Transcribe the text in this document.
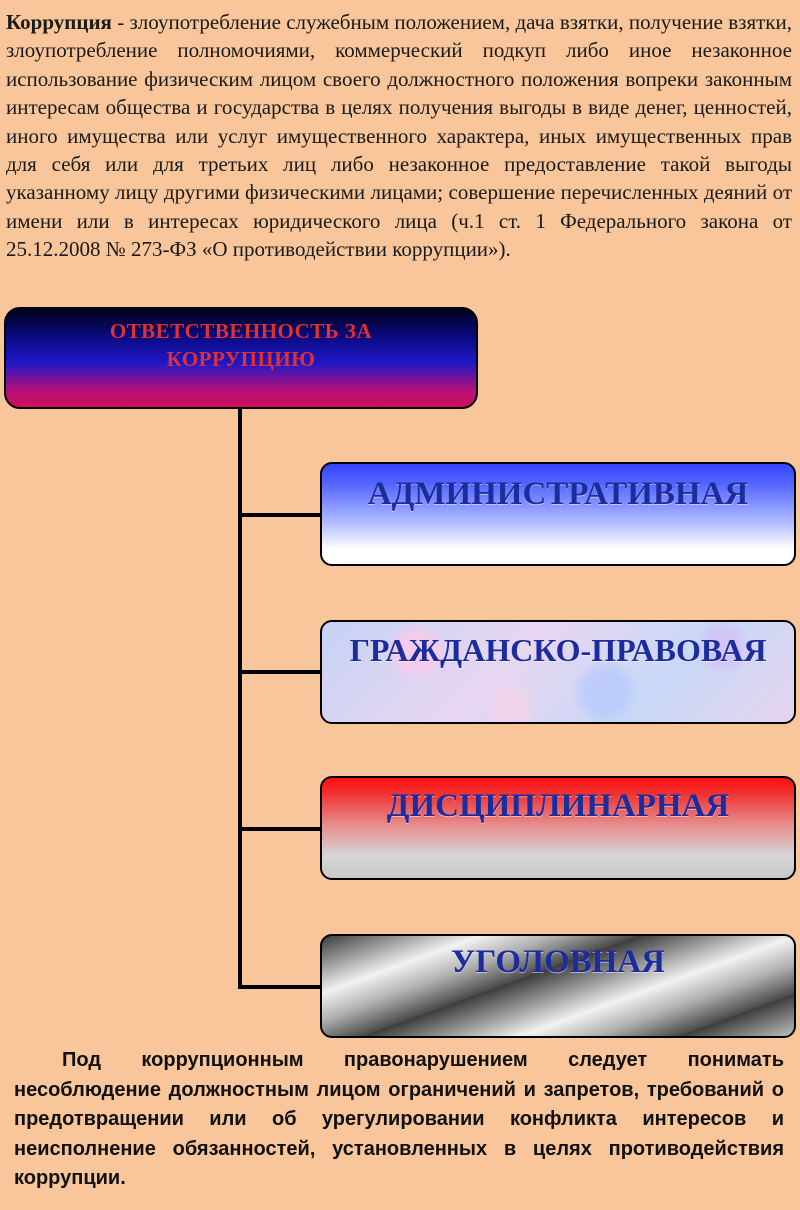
Коррупция - злоупотребление служебным положением, дача взятки, получение взятки, злоупотребление полномочиями, коммерческий подкуп либо иное незаконное использование физическим лицом своего должностного положения вопреки законным интересам общества и государства в целях получения выгоды в виде денег, ценностей, иного имущества или услуг имущественного характера, иных имущественных прав для себя или для третьих лиц либо незаконное предоставление такой выгоды указанному лицу другими физическими лицами; совершение перечисленных деяний от имени или в интересах юридического лица (ч.1 ст. 1 Федерального закона от 25.12.2008 № 273-ФЗ «О противодействии коррупции»).

ОТВЕТСТВЕННОСТЬ ЗА КОРРУПЦИЮ
АДМИНИСТРАТИВНАЯ
ГРАЖДАНСКО-ПРАВОВАЯ
ДИСЦИПЛИНАРНАЯ
УГОЛОВНАЯ

Под коррупционным правонарушением следует понимать несоблюдение должностным лицом ограничений и запретов, требований о предотвращении или об урегулировании конфликта интересов и неисполнение обязанностей, установленных в целях противодействия коррупции.
